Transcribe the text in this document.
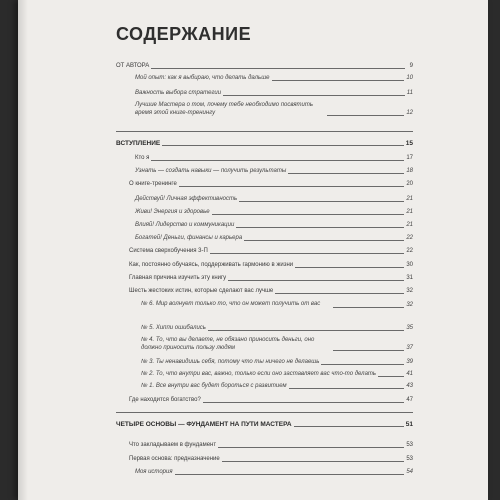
СОДЕРЖАНИЕ
ОТ АВТОРА	9
Мой опыт: как я выбираю, что делать дальше	10
Важность выбора стратегии	11
Лучшие Мастера о том, почему тебе необходимо посвятить время этой книге-тренингу	12
ВСТУПЛЕНИЕ	15
Кто я	17
Узнать — создать навыки — получить результаты	18
О книге-тренинге	20
Действуй! Личная эффективность	21
Живи! Энергия и здоровье	21
Влияй! Лидерство и коммуникации	21
Богатей! Деньги, финансы и карьера	22
Система сверхобучения 3-П	22
Как, постоянно обучаясь, поддерживать гармонию в жизни	30
Главная причина изучить эту книгу	31
Шесть жестоких истин, которые сделают вас лучше	32
№ 6. Мир волнует только то, что он может получить от вас	32
№ 5. Хиппи ошибались	35
№ 4. То, что вы делаете, не обязано приносить деньги, оно должно приносить пользу людям	37
№ 3. Ты ненавидишь себя, потому что ты ничего не делаешь	39
№ 2. То, что внутри вас, важно, только если оно заставляет вас что-то делать	41
№ 1. Все внутри вас будет бороться с развитием	43
Где находится богатство?	47
ЧЕТЫРЕ ОСНОВЫ — ФУНДАМЕНТ НА ПУТИ МАСТЕРА	51
Что закладываем в фундамент	53
Первая основа: предназначение	53
Моя история	54
